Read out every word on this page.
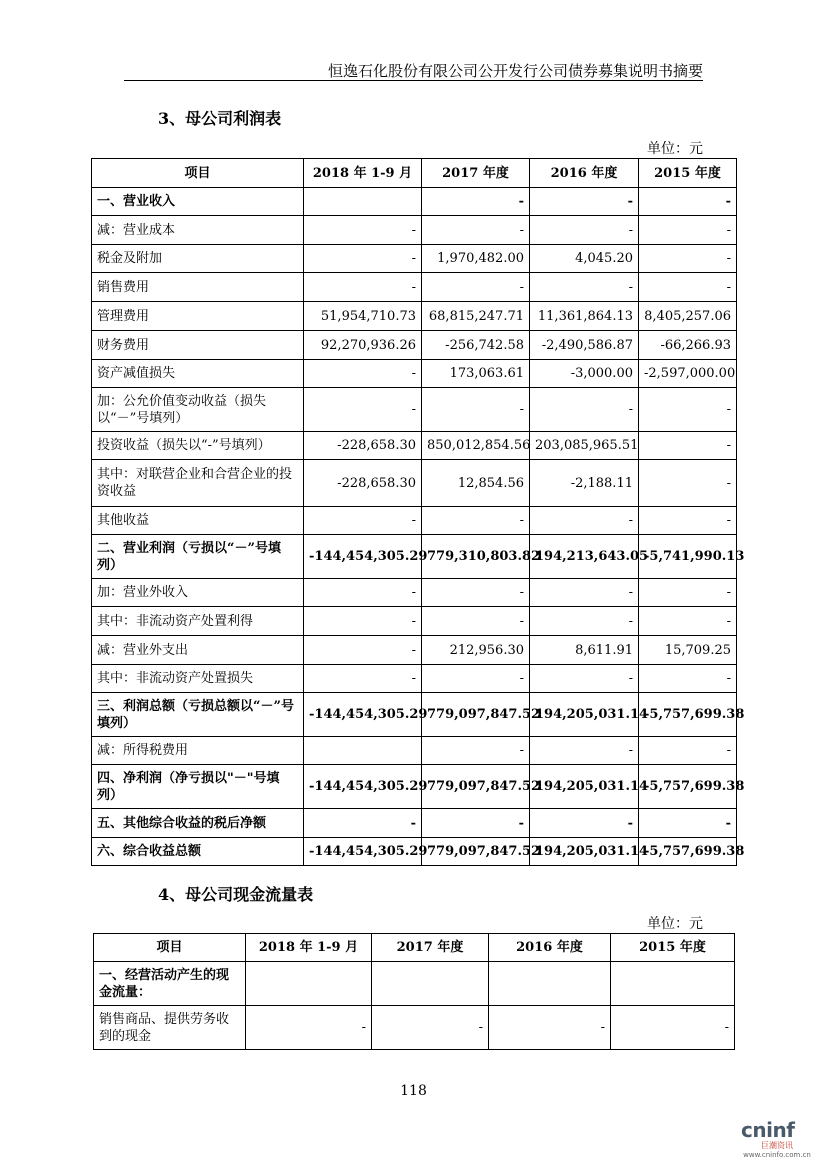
恒逸石化股份有限公司公开发行公司债券募集说明书摘要
3、母公司利润表
单位：元
项目	2018 年 1-9 月	2017 年度	2016 年度	2015 年度
一、营业收入		-	-	-
减：营业成本	-	-	-	-
税金及附加	-	1,970,482.00	4,045.20	-
销售费用	-	-	-	-
管理费用	51,954,710.73	68,815,247.71	11,361,864.13	8,405,257.06
财务费用	92,270,936.26	-256,742.58	-2,490,586.87	-66,266.93
资产减值损失	-	173,063.61	-3,000.00	-2,597,000.00
加：公允价值变动收益（损失以“－”号填列）	-	-	-	-
投资收益（损失以“-”号填列）	-228,658.30	850,012,854.56	203,085,965.51	-
其中：对联营企业和合营企业的投资收益	-228,658.30	12,854.56	-2,188.11	-
其他收益	-	-	-	-
二、营业利润（亏损以“－”号填列）	-144,454,305.29	779,310,803.82	194,213,643.05	-5,741,990.13
加：营业外收入	-	-	-	-
其中：非流动资产处置利得	-	-	-	-
减：营业外支出	-	212,956.30	8,611.91	15,709.25
其中：非流动资产处置损失	-	-	-	-
三、利润总额（亏损总额以“－”号填列）	-144,454,305.29	779,097,847.52	194,205,031.14	-5,757,699.38
减：所得税费用		-	-	-
四、净利润（净亏损以"－"号填列）	-144,454,305.29	779,097,847.52	194,205,031.14	-5,757,699.38
五、其他综合收益的税后净额	-	-	-	-
六、综合收益总额	-144,454,305.29	779,097,847.52	194,205,031.14	-5,757,699.38
4、母公司现金流量表
单位：元
项目	2018 年 1-9 月	2017 年度	2016 年度	2015 年度
一、经营活动产生的现金流量：				
销售商品、提供劳务收到的现金	-	-	-	-
118
cninf
巨潮资讯
www.cninfo.com.cn
